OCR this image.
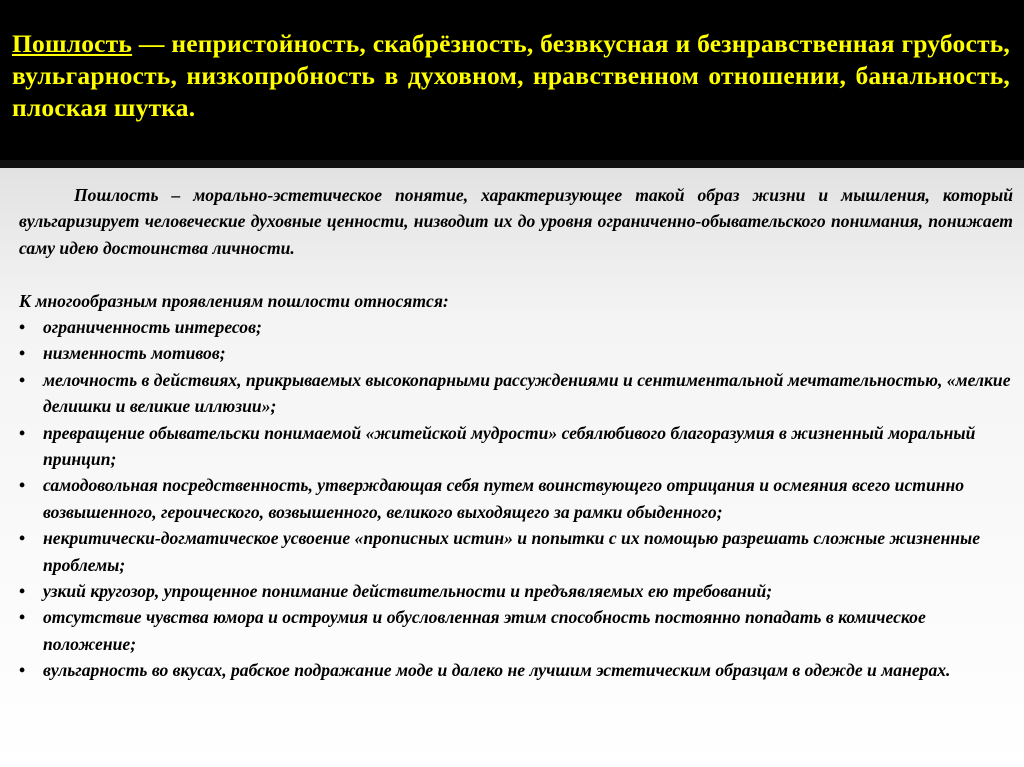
Пошлость — непристойность, скабрёзность, безвкусная и безнравственная грубость, вульгарность, низкопробность в духовном, нравственном отношении, банальность, плоская шутка.

Пошлость – морально-эстетическое понятие, характеризующее такой образ жизни и мышления, который вульгаризирует человеческие духовные ценности, низводит их до уровня ограниченно-обывательского понимания, понижает саму идею достоинства личности.

К многообразным проявлениям пошлости относятся:

• ограниченность интересов;
• низменность мотивов;
• мелочность в действиях, прикрываемых высокопарными рассуждениями и сентиментальной мечтательностью, «мелкие делишки и великие иллюзии»;
• превращение обывательски понимаемой «житейской мудрости» себялюбивого благоразумия в жизненный моральный принцип;
• самодовольная посредственность, утверждающая себя путем воинствующего отрицания и осмеяния всего истинно возвышенного, героического, возвышенного, великого выходящего за рамки обыденного;
• некритически-догматическое усвоение «прописных истин» и попытки с их помощью разрешать сложные жизненные проблемы;
• узкий кругозор, упрощенное понимание действительности и предъявляемых ею требований;
• отсутствие чувства юмора и остроумия и обусловленная этим способность постоянно попадать в комическое положение;
• вульгарность во вкусах, рабское подражание моде и далеко не лучшим эстетическим образцам в одежде и манерах.
